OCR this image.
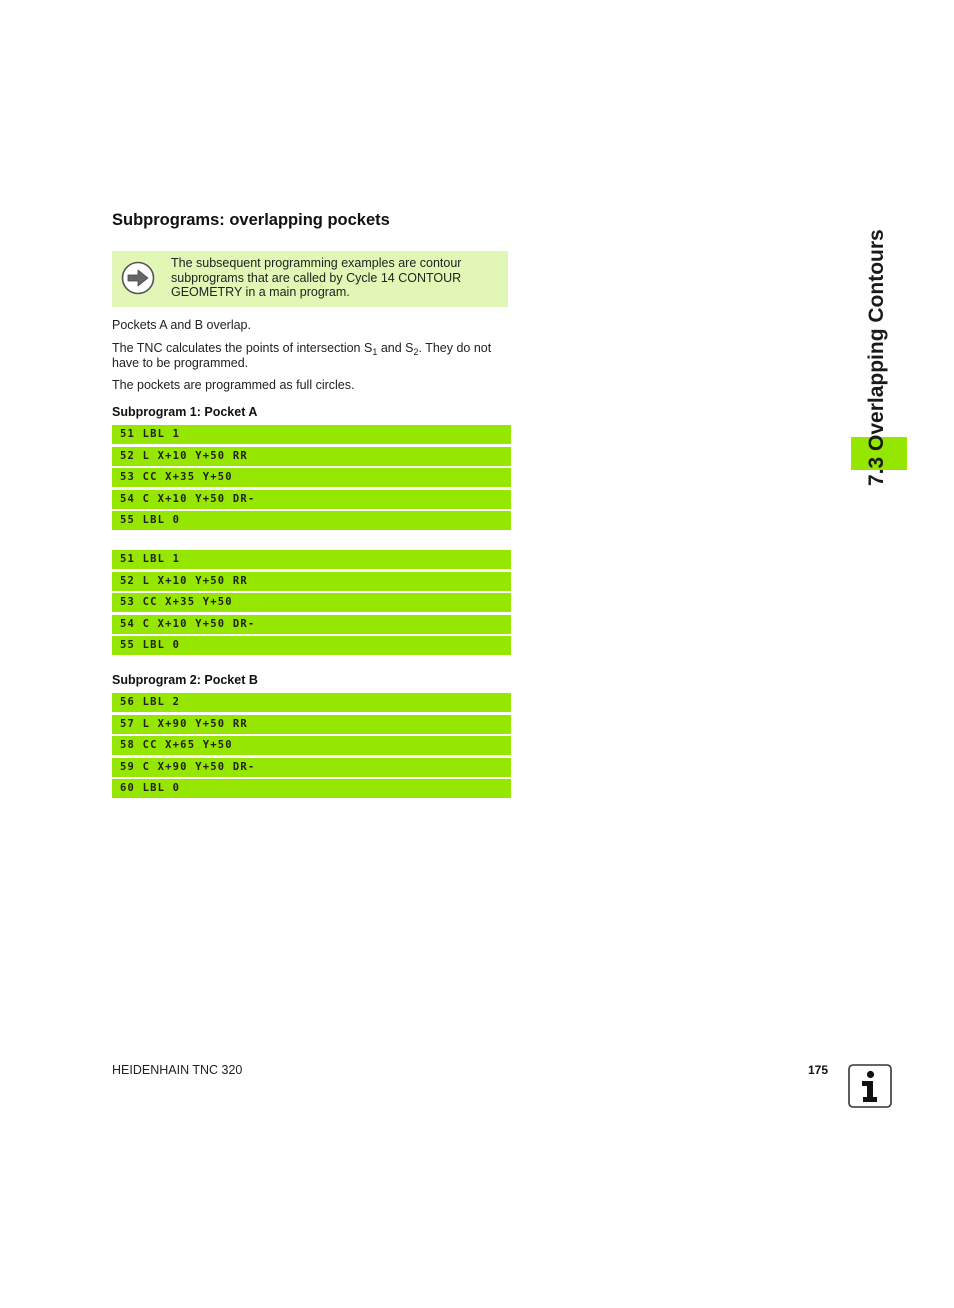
Subprograms: overlapping pockets
The subsequent programming examples are contour subprograms that are called by Cycle 14 CONTOUR GEOMETRY in a main program.

Pockets A and B overlap.

The TNC calculates the points of intersection $S_1$ and $S_2$. They do not have to be programmed.

The pockets are programmed as full circles.

Subprogram 1: Pocket A

51 LBL 1
52 L X+10 Y+50 RR
53 CC X+35 Y+50
54 C X+10 Y+50 DR-
55 LBL 0
51 LBL 1
52 L X+10 Y+50 RR
53 CC X+35 Y+50
54 C X+10 Y+50 DR-
55 LBL 0

Subprogram 2: Pocket B

56 LBL 2
57 L X+90 Y+50 RR
58 CC X+65 Y+50
59 C X+90 Y+50 DR-
60 LBL 0
7.3 Overlapping Contours
HEIDENHAIN TNC 320	175
